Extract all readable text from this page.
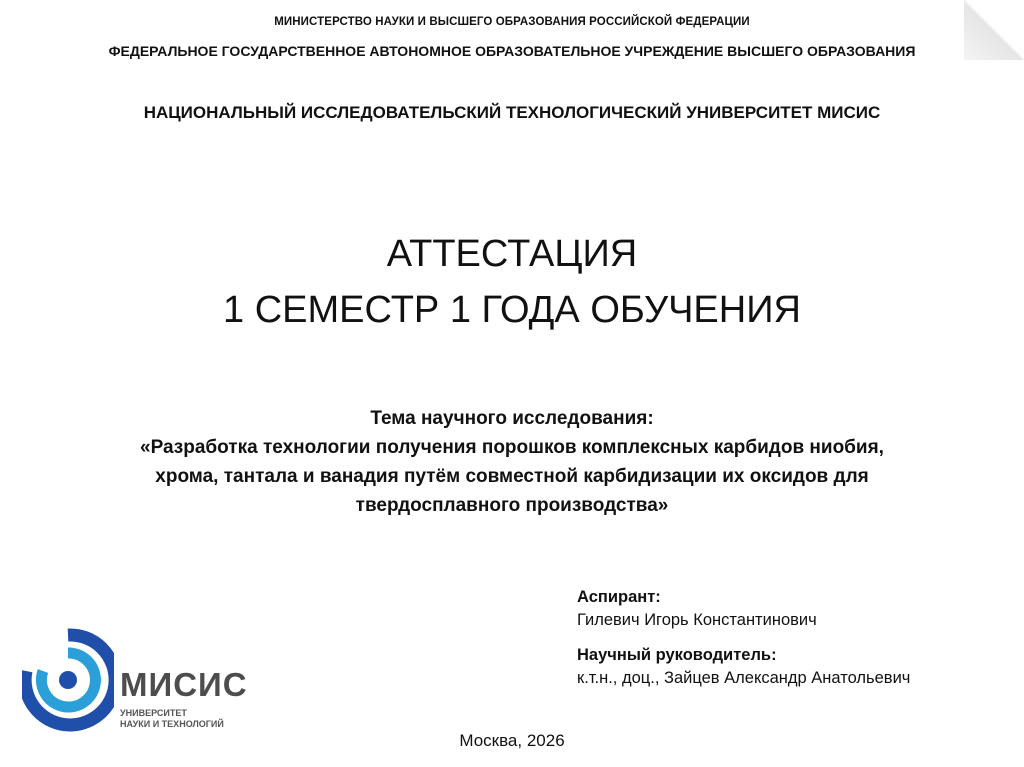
МИНИСТЕРСТВО НАУКИ И ВЫСШЕГО ОБРАЗОВАНИЯ РОССИЙСКОЙ ФЕДЕРАЦИИ
ФЕДЕРАЛЬНОЕ ГОСУДАРСТВЕННОЕ АВТОНОМНОЕ ОБРАЗОВАТЕЛЬНОЕ УЧРЕЖДЕНИЕ ВЫСШЕГО ОБРАЗОВАНИЯ
НАЦИОНАЛЬНЫЙ ИССЛЕДОВАТЕЛЬСКИЙ ТЕХНОЛОГИЧЕСКИЙ УНИВЕРСИТЕТ МИСИС
АТТЕСТАЦИЯ
1 СЕМЕСТР 1 ГОДА ОБУЧЕНИЯ
Тема научного исследования:
«Разработка технологии получения порошков комплексных карбидов ниобия,
хрома, тантала и ванадия путём совместной карбидизации их оксидов для
твердосплавного производства»
Аспирант:
Гилевич Игорь Константинович
Научный руководитель:
к.т.н., доц., Зайцев Александр Анатольевич
МИСИС
УНИВЕРСИТЕТ
НАУКИ И ТЕХНОЛОГИЙ
Москва, 2026
